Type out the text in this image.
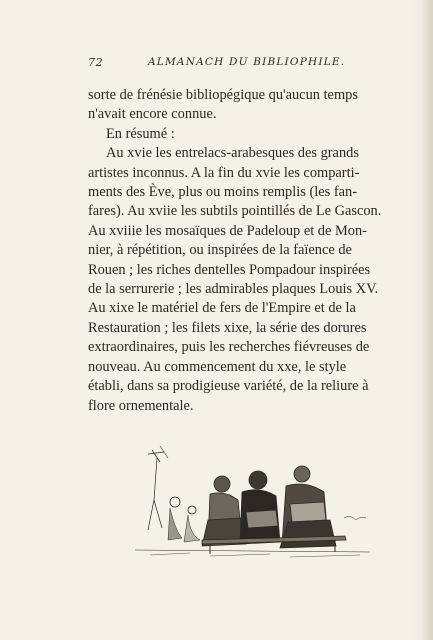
72	ALMANACH DU BIBLIOPHILE.
sorte de frénésie bibliopégique qu'aucun temps
n'avait encore connue.
En résumé :
Au xvie les entrelacs-arabesques des grands
artistes inconnus. A la fin du xvie les comparti-
ments des Ève, plus ou moins remplis (les fan-
fares). Au xviie les subtils pointillés de Le Gascon.
Au xviiie les mosaïques de Padeloup et de Mon-
nier, à répétition, ou inspirées de la faïence de
Rouen ; les riches dentelles Pompadour inspirées
de la serrurerie ; les admirables plaques Louis XV.
Au xixe le matériel de fers de l'Empire et de la
Restauration ; les filets xixe, la série des dorures
extraordinaires, puis les recherches fiévreuses de
nouveau. Au commencement du xxe, le style
établi, dans sa prodigieuse variété, de la reliure à
flore ornementale.
